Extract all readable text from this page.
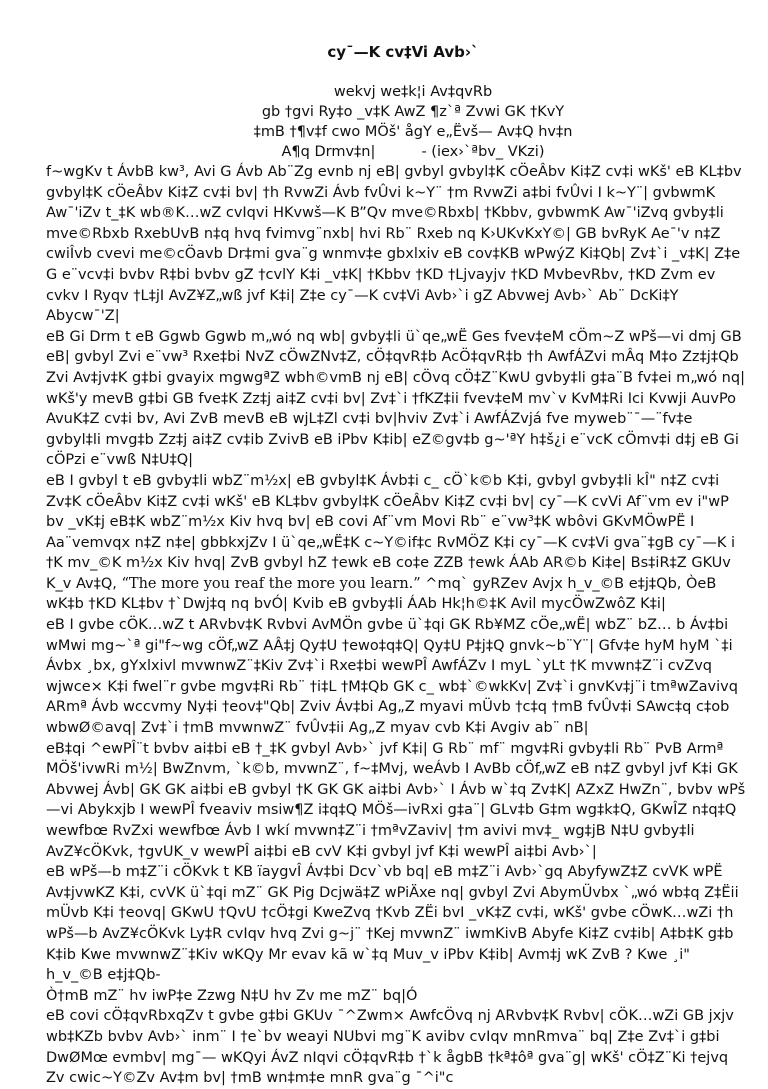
cy¯—K cv‡Vi Avb›`
wekvj we‡k¦i Av‡qvRb
gb †gvi Ry‡o _v‡K AwZ ¶z`ª Zvwi GK †KvY
‡mB †¶v‡f cwo MÖš' ågY e„Ëvš— Av‡Q hv‡n
A¶q Drmv‡n|          - (iex›`ªbv_ VKzi)

f~wgKv t ÁvbB kw³, Avi G Ávb Ab¨Zg evnb nj eB| gvbyl gvbyl‡K cÖeÂbv Ki‡Z cv‡i wKš' eB KL‡bv gvbyl‡K cÖeÂbv Ki‡Z cv‡i bv| †h RvwZi Ávb fvÛvi k~Y¨ †m RvwZi a‡bi fvÛvi I k~Y¨| gvbwmK Aw¯'iZv t_‡K wb®K…wZ cvIqvi HKvwš—K B”Qv mve©Rbxb| †Kbbv, gvbwmK Aw¯'iZvq gvby‡li mve©Rbxb RxebUvB n‡q hvq fvimvg¨nxb| hvi Rb¨ Rxeb nq K›UKvKxY©| GB bvRyK Ae¯'v n‡Z cwiÎvb cvevi me©cÖavb Dr‡mi gva¨g wnmv‡e gbxlxiv eB cov‡KB wPwýZ Ki‡Qb| Zv‡`i _v‡K| Z‡e G e¨vcv‡i bvbv R‡bi bvbv gZ †cvlY K‡i _v‡K| †Kbbv †KD †Ljvayjv †KD MvbevRbv, †KD Zvm ev cvkv I Ryqv †L‡jI AvZ¥Z„wß jvf K‡i| Z‡e cy¯—K cv‡Vi Avb›`i gZ Abvwej Avb›` Ab¨ DcKi‡Y Abycw¯'Z|

eB Gi Drm t eB Ggwb Ggwb m„wó nq wb| gvby‡li ü`qe„wË Ges fvev‡eM cÖm~Z wPš—vi dmj GB eB| gvbyl Zvi e¨vw³ Rxe‡bi NvZ cÖwZNv‡Z, cÖ‡qvR‡b AcÖ‡qvR‡b †h AwfÁZvi mÂq M‡o Zz‡j‡Qb Zvi Av‡jv‡K g‡bi gvayix mgwgªZ wbh©vmB nj eB| cÖvq cÖ‡Z¨KwU gvby‡li g‡a¨B fv‡ei m„wó nq| wKš'y mevB g‡bi GB fve‡K Zz‡j ai‡Z cv‡i bv| Zv‡`i †fKZ‡ii fvev‡eM mv`v KvM‡Ri Ici Kvwji AuvPo AvuK‡Z cv‡i bv, Avi ZvB mevB eB wjL‡Zl cv‡i bv|hviv Zv‡`i AwfÁZvjá fve myweb¨¯—¨fv‡e gvbyl‡li mvg‡b Zz‡j ai‡Z cv‡ib ZvivB eB iPbv K‡ib| eZ©gv‡b g~'ªY h‡š¿i e¨vcK cÖmv‡i d‡j eB Gi cÖPzi e¨vwß N‡U‡Q|

eB I gvbyl t eB gvby‡li wbZ¨m½x| eB gvbyl‡K Ávb‡i c_ cÖ`k©b K‡i, gvbyl gvby‡li kÎ" n‡Z cv‡i Zv‡K cÖeÂbv Ki‡Z cv‡i wKš' eB KL‡bv gvbyl‡K cÖeÂbv Ki‡Z cv‡i bv| cy¯—K cvVi Af¨vm ev i"wP bv _vK‡j eB‡K wbZ¨m½x Kiv hvq bv| eB covi Af¨vm Movi Rb¨ e¨vw³‡K wbôvi GKvMÖwPË I Aa¨vemvqx n‡Z n‡e| gbbkxjZv I ü`qe„wË‡K c~Y©if‡c RvMÖZ K‡i cy¯—K cv‡Vi gva¨‡gB cy¯—K i †K mv_©K m½x Kiv hvq| ZvB gvbyl hZ †ewk eB co‡e ZZB †ewk ÁAb AR©b Ki‡e| Bs‡iR‡Z GKUv K_v Av‡Q, “The more you reaf the more you learn.” ^mq` gyRZev Avjx h_v_©B e‡j‡Qb, ÒeB wK‡b †KD KL‡bv †`Dwj‡q nq bvÓ| Kvib eB gvby‡li ÁAb Hk¦h©‡K Avil mycÖwZwôZ K‡i|

eB I gvbe cÖK…wZ t ARvbv‡K Rvbvi AvMÖn gvbe ü`‡qi GK Rb¥MZ cÖe„wË| wbZ¨ bZ… b Áv‡bi wMwi mg~`ª gi"f~wg cÖf„wZ AÂ‡j Qy‡U †ewo‡q‡Q| Qy‡U P‡j‡Q gnvk~b¨Y¨| Gfv‡e hyM hyM `‡i Ávbx ¸bx, gYxlxivl mvwnwZ¨‡Kiv Zv‡`i Rxe‡bi wewPÎ AwfÁZv I myL `yLt †K mvwn‡Z¨i cvZvq wjwce× K‡i fwel¨r gvbe mgv‡Ri Rb¨ †i‡L †M‡Qb GK c_ wb‡`©wkKv| Zv‡`i gnvKv‡j¨i tmªwZavivq ARmª Ávb wccvmy Ny‡i †eov‡"Qb| Zviv Áv‡bi Ag„Z myavi mÜvb †c‡q †mB fvÛv‡i SAwc‡q c‡ob wbwØ©avq| Zv‡`i †mB mvwnwZ¨ fvÛv‡ii Ag„Z myav cvb K‡i Avgiv ab¨ nB|

eB‡qi ^ewPÎ¨t bvbv ai‡bi eB †_‡K gvbyl Avb›` jvf K‡i| G Rb¨ mf¨ mgv‡Ri gvby‡li Rb¨ PvB Armª MÖš'ivwRi m½| BwZnvm, `k©b, mvwnZ¨, f~‡Mvj, weÁvb I AvBb cÖf„wZ eB n‡Z gvbyl jvf K‡i GK Abvwej Ávb| GK GK ai‡bi eB gvbyl †K GK GK ai‡bi Avb›` I Ávb w`‡q Zv‡K| AZxZ HwZn¨, bvbv wPš—vi Abykxjb I wewPÎ fveaviv msiw¶Z i‡q‡Q MÖš—ivRxi g‡a¨| GLv‡b G‡m wg‡k‡Q, GKwÎZ n‡q‡Q wewfbœ RvZxi wewfbœ Ávb I wkí mvwn‡Z¨i †mªvZaviv| †m avivi mv‡_ wg‡jB N‡U gvby‡li AvZ¥cÖKvk, †gvUK_v wewPÎ ai‡bi eB cvV K‡i gvbyl jvf K‡i wewPÎ ai‡bi Avb›`|

eB wPš—b m‡Z¨i cÖKvk t KB ïaygvÎ Áv‡bi Dcv`vb bq| eB m‡Z¨i Avb›`gq AbyfywZ‡Z cvVK wPË Av‡jvwKZ K‡i, cvVK ü`‡qi mZ¨ GK Pig Dcjwä‡Z wPiÄxe nq| gvbyl Zvi AbymÜvbx `„wó wb‡q Z‡Ëii mÜvb K‡i †eovq| GKwU †QvU †cÖ‡gi KweZvq †Kvb ZËi bvI _vK‡Z cv‡i, wKš' gvbe cÖwK…wZi †h wPš—b AvZ¥cÖKvk Ly‡R cvIqv hvq Zvi g~j¨ †Kej mvwnZ¨ iwmKivB Abyfe Ki‡Z cv‡ib| A‡b‡K g‡b K‡ib Kwe mvwnwZ¨‡Kiv wKQy Mr evav kã w`‡q Muv_v iPbv K‡ib| Avm‡j wK ZvB ? Kwe ¸i" h_v_©B e‡j‡Qb-

Ò†mB mZ¨ hv iwP‡e Zzwg N‡U hv Zv me mZ¨ bq|Ó

eB covi cÖ‡qvRbxqZv t gvbe g‡bi GKUv ¯^Zwm× AwfcÖvq nj ARvbv‡K Rvbv| cÖK…wZi GB jxjv wb‡KZb bvbv Avb›` inm¨ I †e`bv weayi NUbvi mg¨K avibv cvIqv mnRmva¨ bq| Z‡e Zv‡`i g‡bi DwØMœ evmbv| mg¯— wKQyi ÁvZ nIqvi cÖ‡qvR‡b †`k ågbB †kª‡ôª gva¨g| wKš' cÖ‡Z¨Ki †ejvq Zv cwic~Y©Zv Av‡m bv| †mB wn‡m‡e mnR gva¨g ¯^i"c
